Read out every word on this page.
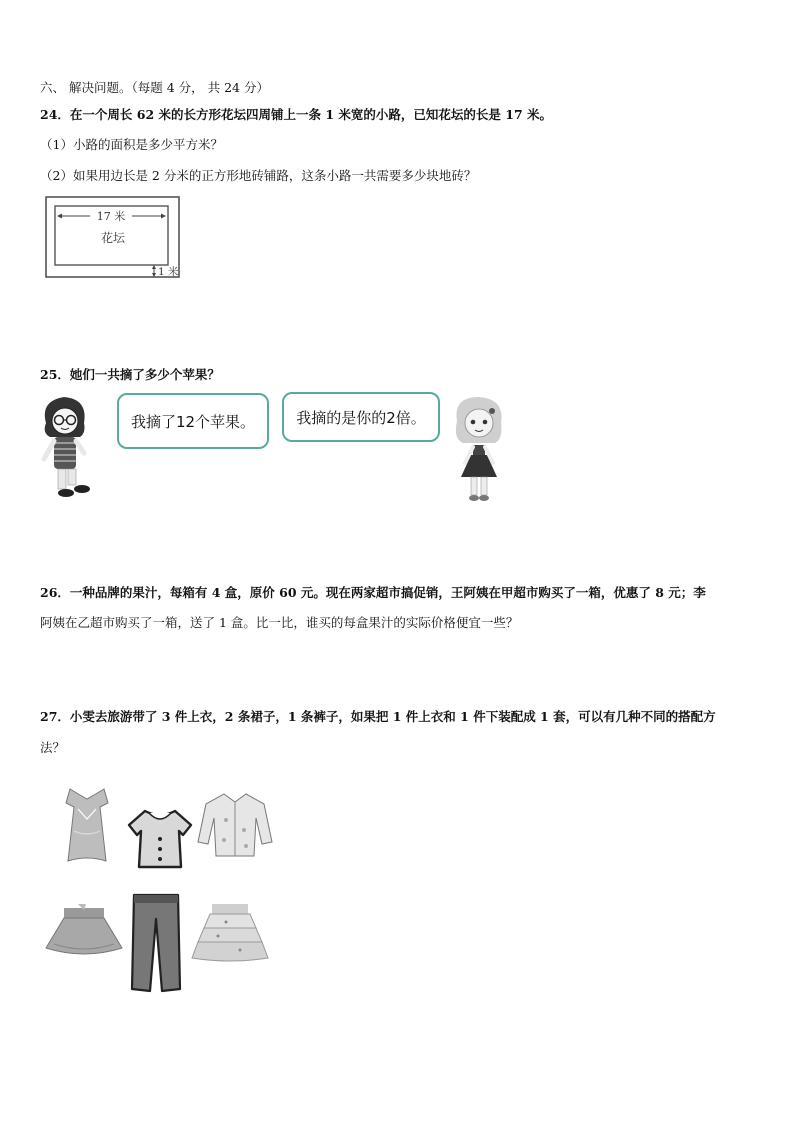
六、 解决问题。（每题 4 分， 共 24 分）
24．在一个周长 62 米的长方形花坛四周铺上一条 1 米宽的小路，已知花坛的长是 17 米。
（1）小路的面积是多少平方米？
（2）如果用边长是 2 分米的正方形地砖铺路，这条小路一共需要多少块地砖？
17 米
花坛
1 米
25．她们一共摘了多少个苹果？
我摘了12个苹果。	我摘的是你的2倍。
26．一种品牌的果汁，每箱有 4 盒，原价 60 元。现在两家超市搞促销，王阿姨在甲超市购买了一箱，优惠了 8 元；李
阿姨在乙超市购买了一箱，送了 1 盒。比一比，谁买的每盒果汁的实际价格便宜一些？
27．小雯去旅游带了 3 件上衣，2 条裙子，1 条裤子，如果把 1 件上衣和 1 件下装配成 1 套，可以有几种不同的搭配方
法？
